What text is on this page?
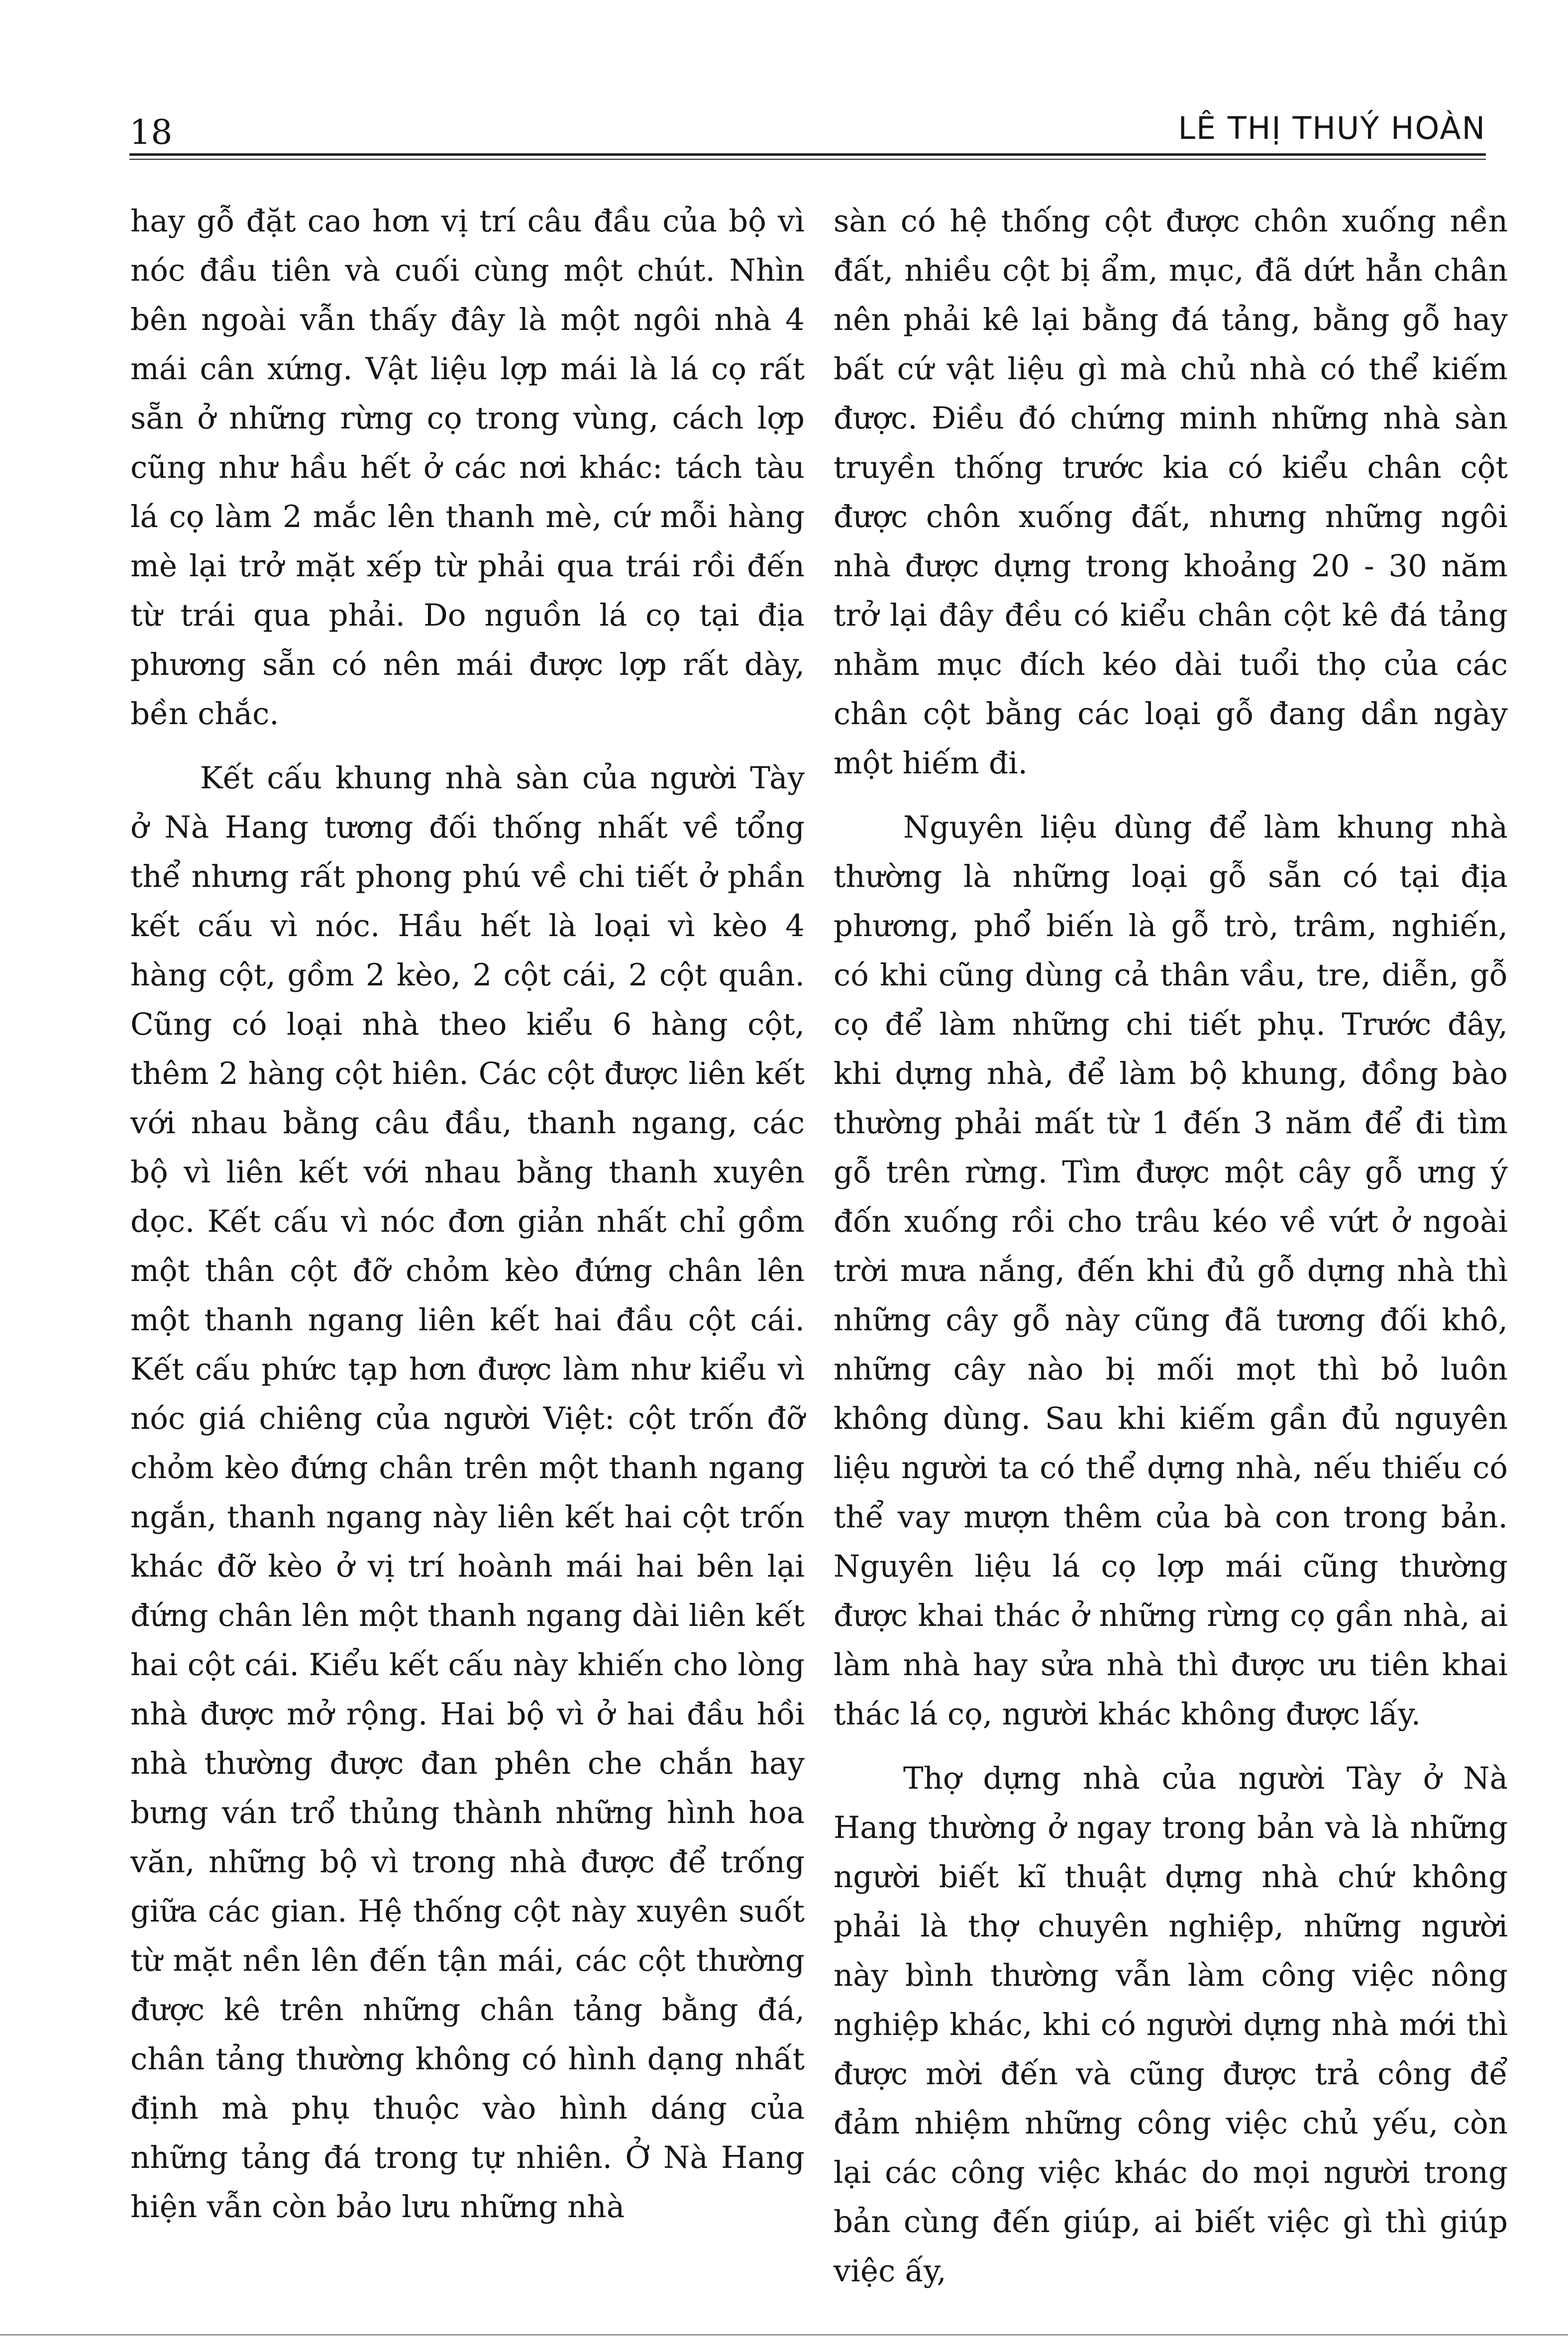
18	LÊ THỊ THUÝ HOÀN

hay gỗ đặt cao hơn vị trí câu đầu của bộ vì nóc đầu tiên và cuối cùng một chút. Nhìn bên ngoài vẫn thấy đây là một ngôi nhà 4 mái cân xứng. Vật liệu lợp mái là lá cọ rất sẵn ở những rừng cọ trong vùng, cách lợp cũng như hầu hết ở các nơi khác: tách tàu lá cọ làm 2 mắc lên thanh mè, cứ mỗi hàng mè lại trở mặt xếp từ phải qua trái rồi đến từ trái qua phải. Do nguồn lá cọ tại địa phương sẵn có nên mái được lợp rất dày, bền chắc.

Kết cấu khung nhà sàn của người Tày ở Nà Hang tương đối thống nhất về tổng thể nhưng rất phong phú về chi tiết ở phần kết cấu vì nóc. Hầu hết là loại vì kèo 4 hàng cột, gồm 2 kèo, 2 cột cái, 2 cột quân. Cũng có loại nhà theo kiểu 6 hàng cột, thêm 2 hàng cột hiên. Các cột được liên kết với nhau bằng câu đầu, thanh ngang, các bộ vì liên kết với nhau bằng thanh xuyên dọc. Kết cấu vì nóc đơn giản nhất chỉ gồm một thân cột đỡ chỏm kèo đứng chân lên một thanh ngang liên kết hai đầu cột cái. Kết cấu phức tạp hơn được làm như kiểu vì nóc giá chiêng của người Việt: cột trốn đỡ chỏm kèo đứng chân trên một thanh ngang ngắn, thanh ngang này liên kết hai cột trốn khác đỡ kèo ở vị trí hoành mái hai bên lại đứng chân lên một thanh ngang dài liên kết hai cột cái. Kiểu kết cấu này khiến cho lòng nhà được mở rộng. Hai bộ vì ở hai đầu hồi nhà thường được đan phên che chắn hay bưng ván trổ thủng thành những hình hoa văn, những bộ vì trong nhà được để trống giữa các gian. Hệ thống cột này xuyên suốt từ mặt nền lên đến tận mái, các cột thường được kê trên những chân tảng bằng đá, chân tảng thường không có hình dạng nhất định mà phụ thuộc vào hình dáng của những tảng đá trong tự nhiên. Ở Nà Hang hiện vẫn còn bảo lưu những nhà

sàn có hệ thống cột được chôn xuống nền đất, nhiều cột bị ẩm, mục, đã dứt hẳn chân nên phải kê lại bằng đá tảng, bằng gỗ hay bất cứ vật liệu gì mà chủ nhà có thể kiếm được. Điều đó chứng minh những nhà sàn truyền thống trước kia có kiểu chân cột được chôn xuống đất, nhưng những ngôi nhà được dựng trong khoảng 20 - 30 năm trở lại đây đều có kiểu chân cột kê đá tảng nhằm mục đích kéo dài tuổi thọ của các chân cột bằng các loại gỗ đang dần ngày một hiếm đi.

Nguyên liệu dùng để làm khung nhà thường là những loại gỗ sẵn có tại địa phương, phổ biến là gỗ trò, trâm, nghiến, có khi cũng dùng cả thân vầu, tre, diễn, gỗ cọ để làm những chi tiết phụ. Trước đây, khi dựng nhà, để làm bộ khung, đồng bào thường phải mất từ 1 đến 3 năm để đi tìm gỗ trên rừng. Tìm được một cây gỗ ưng ý đốn xuống rồi cho trâu kéo về vứt ở ngoài trời mưa nắng, đến khi đủ gỗ dựng nhà thì những cây gỗ này cũng đã tương đối khô, những cây nào bị mối mọt thì bỏ luôn không dùng. Sau khi kiếm gần đủ nguyên liệu người ta có thể dựng nhà, nếu thiếu có thể vay mượn thêm của bà con trong bản. Nguyên liệu lá cọ lợp mái cũng thường được khai thác ở những rừng cọ gần nhà, ai làm nhà hay sửa nhà thì được ưu tiên khai thác lá cọ, người khác không được lấy.

Thợ dựng nhà của người Tày ở Nà Hang thường ở ngay trong bản và là những người biết kĩ thuật dựng nhà chứ không phải là thợ chuyên nghiệp, những người này bình thường vẫn làm công việc nông nghiệp khác, khi có người dựng nhà mới thì được mời đến và cũng được trả công để đảm nhiệm những công việc chủ yếu, còn lại các công việc khác do mọi người trong bản cùng đến giúp, ai biết việc gì thì giúp việc ấy,
